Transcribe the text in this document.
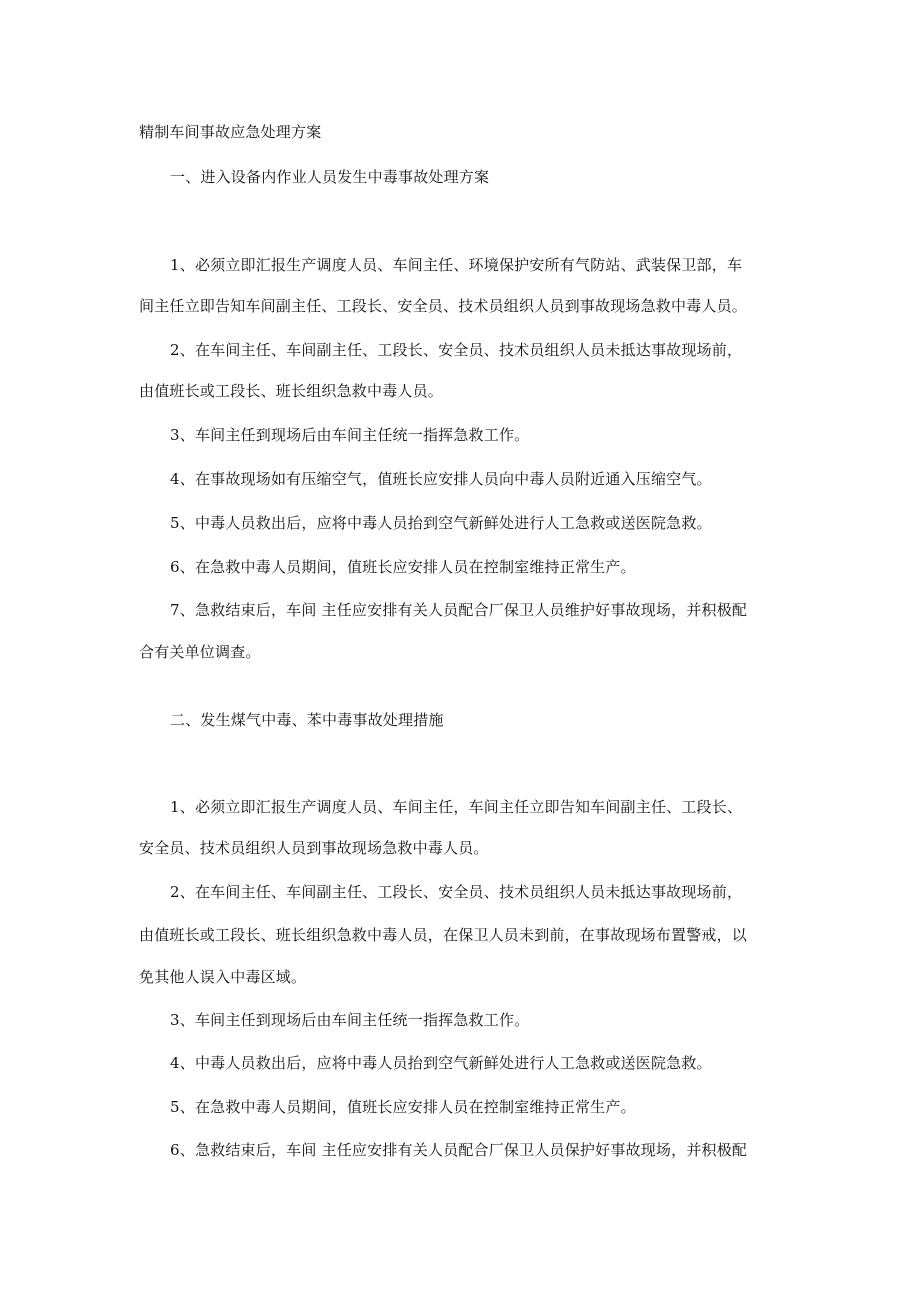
精制车间事故应急处理方案
一、进入设备内作业人员发生中毒事故处理方案
1、必须立即汇报生产调度人员、车间主任、环境保护安所有气防站、武装保卫部，车
间主任立即告知车间副主任、工段长、安全员、技术员组织人员到事故现场急救中毒人员。
2、在车间主任、车间副主任、工段长、安全员、技术员组织人员未抵达事故现场前，
由值班长或工段长、班长组织急救中毒人员。
3、车间主任到现场后由车间主任统一指挥急救工作。
4、在事故现场如有压缩空气，值班长应安排人员向中毒人员附近通入压缩空气。
5、中毒人员救出后，应将中毒人员抬到空气新鲜处进行人工急救或送医院急救。
6、在急救中毒人员期间，值班长应安排人员在控制室维持正常生产。
7、急救结束后，车间 主任应安排有关人员配合厂保卫人员维护好事故现场，并积极配
合有关单位调查。
二、发生煤气中毒、苯中毒事故处理措施
1、必须立即汇报生产调度人员、车间主任，车间主任立即告知车间副主任、工段长、
安全员、技术员组织人员到事故现场急救中毒人员。
2、在车间主任、车间副主任、工段长、安全员、技术员组织人员未抵达事故现场前，
由值班长或工段长、班长组织急救中毒人员，在保卫人员未到前，在事故现场布置警戒，以
免其他人误入中毒区域。
3、车间主任到现场后由车间主任统一指挥急救工作。
4、中毒人员救出后，应将中毒人员抬到空气新鲜处进行人工急救或送医院急救。
5、在急救中毒人员期间，值班长应安排人员在控制室维持正常生产。
6、急救结束后，车间 主任应安排有关人员配合厂保卫人员保护好事故现场，并积极配
